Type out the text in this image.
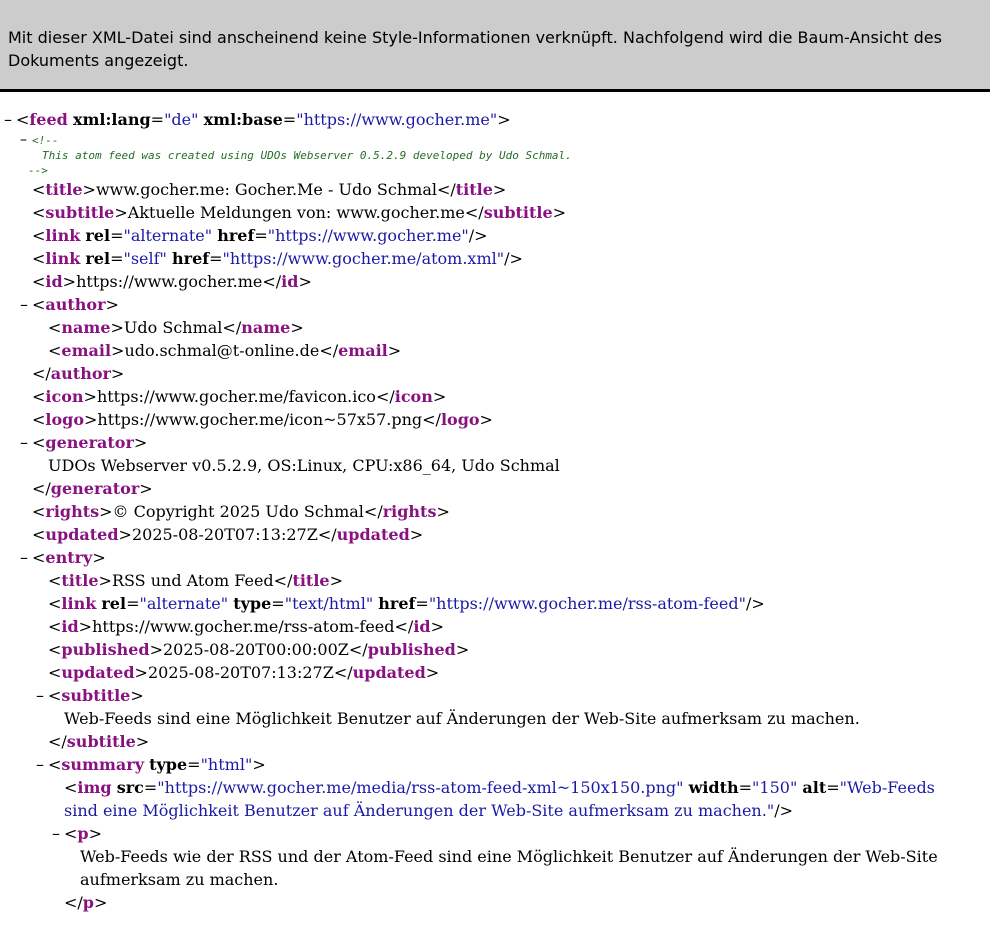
Mit dieser XML-Datei sind anscheinend keine Style-Informationen verknüpft. Nachfolgend wird die Baum-Ansicht des Dokuments angezeigt.
– <feed xml:lang="de" xml:base="https://www.gocher.me">
– <!--
This atom feed was created using UDOs Webserver 0.5.2.9 developed by Udo Schmal.
-->
<title>www.gocher.me: Gocher.Me - Udo Schmal</title>
<subtitle>Aktuelle Meldungen von: www.gocher.me</subtitle>
<link rel="alternate" href="https://www.gocher.me"/>
<link rel="self" href="https://www.gocher.me/atom.xml"/>
<id>https://www.gocher.me</id>
– <author>
<name>Udo Schmal</name>
<email>udo.schmal@t-online.de</email>
</author>
<icon>https://www.gocher.me/favicon.ico</icon>
<logo>https://www.gocher.me/icon~57x57.png</logo>
– <generator>
UDOs Webserver v0.5.2.9, OS:Linux, CPU:x86_64, Udo Schmal
</generator>
<rights>© Copyright 2025 Udo Schmal</rights>
<updated>2025-08-20T07:13:27Z</updated>
– <entry>
<title>RSS und Atom Feed</title>
<link rel="alternate" type="text/html" href="https://www.gocher.me/rss-atom-feed"/>
<id>https://www.gocher.me/rss-atom-feed</id>
<published>2025-08-20T00:00:00Z</published>
<updated>2025-08-20T07:13:27Z</updated>
– <subtitle>
Web-Feeds sind eine Möglichkeit Benutzer auf Änderungen der Web-Site aufmerksam zu machen.
</subtitle>
– <summary type="html">
<img src="https://www.gocher.me/media/rss-atom-feed-xml~150x150.png" width="150" alt="Web-Feeds sind eine Möglichkeit Benutzer auf Änderungen der Web-Site aufmerksam zu machen."/>
– <p>
Web-Feeds wie der RSS und der Atom-Feed sind eine Möglichkeit Benutzer auf Änderungen der Web-Site aufmerksam zu machen.
</p>
